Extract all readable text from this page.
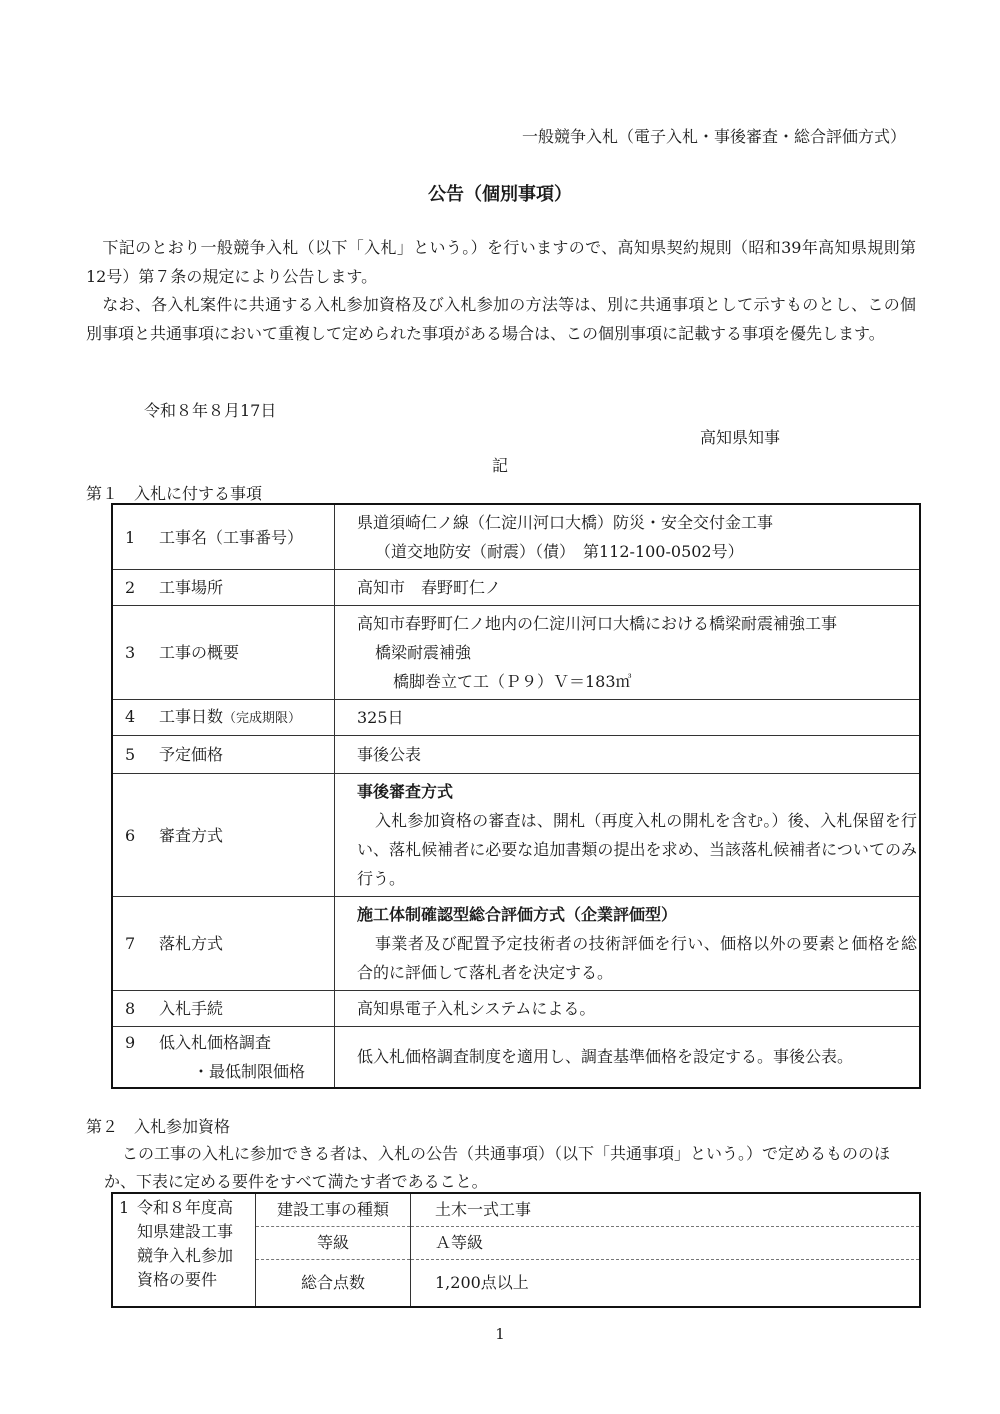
一般競争入札（電子入札・事後審査・総合評価方式）
公告（個別事項）
　下記のとおり一般競争入札（以下「入札」という。）を行いますので、高知県契約規則（昭和39年高知県規則第12号）第７条の規定により公告します。
　なお、各入札案件に共通する入札参加資格及び入札参加の方法等は、別に共通事項として示すものとし、この個別事項と共通事項において重複して定められた事項がある場合は、この個別事項に記載する事項を優先します。
令和８年８月17日
高知県知事
記
第１　入札に付する事項
1 工事名（工事番号）	県道須崎仁ノ線（仁淀川河口大橋）防災・安全交付金工事
（道交地防安（耐震）（債）　第112-100-0502号）

2 工事場所	高知市　春野町仁ノ
3 工事の概要	高知市春野町仁ノ地内の仁淀川河口大橋における橋梁耐震補強工事
橋梁耐震補強
橋脚巻立て工（Ｐ９）Ｖ＝183㎥

4 工事日数（完成期限）	325日
5 予定価格	事後公表
6 審査方式	事後審査方式
入札参加資格の審査は、開札（再度入札の開札を含む。）後、入札保留を行い、落札候補者に必要な追加書類の提出を求め、当該落札候補者についてのみ行う。

7 落札方式	施工体制確認型総合評価方式（企業評価型）
事業者及び配置予定技術者の技術評価を行い、価格以外の要素と価格を総合的に評価して落札者を決定する。

8 入札手続	高知県電子入札システムによる。

9 低入札価格調査
・最低制限価格	低入札価格調査制度を適用し、調査基準価格を設定する。事後公表。
第２　入札参加資格
この工事の入札に参加できる者は、入札の公告（共通事項）（以下「共通事項」という。）で定めるもののほか、下表に定める要件をすべて満たす者であること。
1 令和８年度高
知県建設工事
競争入札参加
資格の要件	建設工事の種類	土木一式工事
	等級	Ａ等級
	総合点数	1,200点以上
1
